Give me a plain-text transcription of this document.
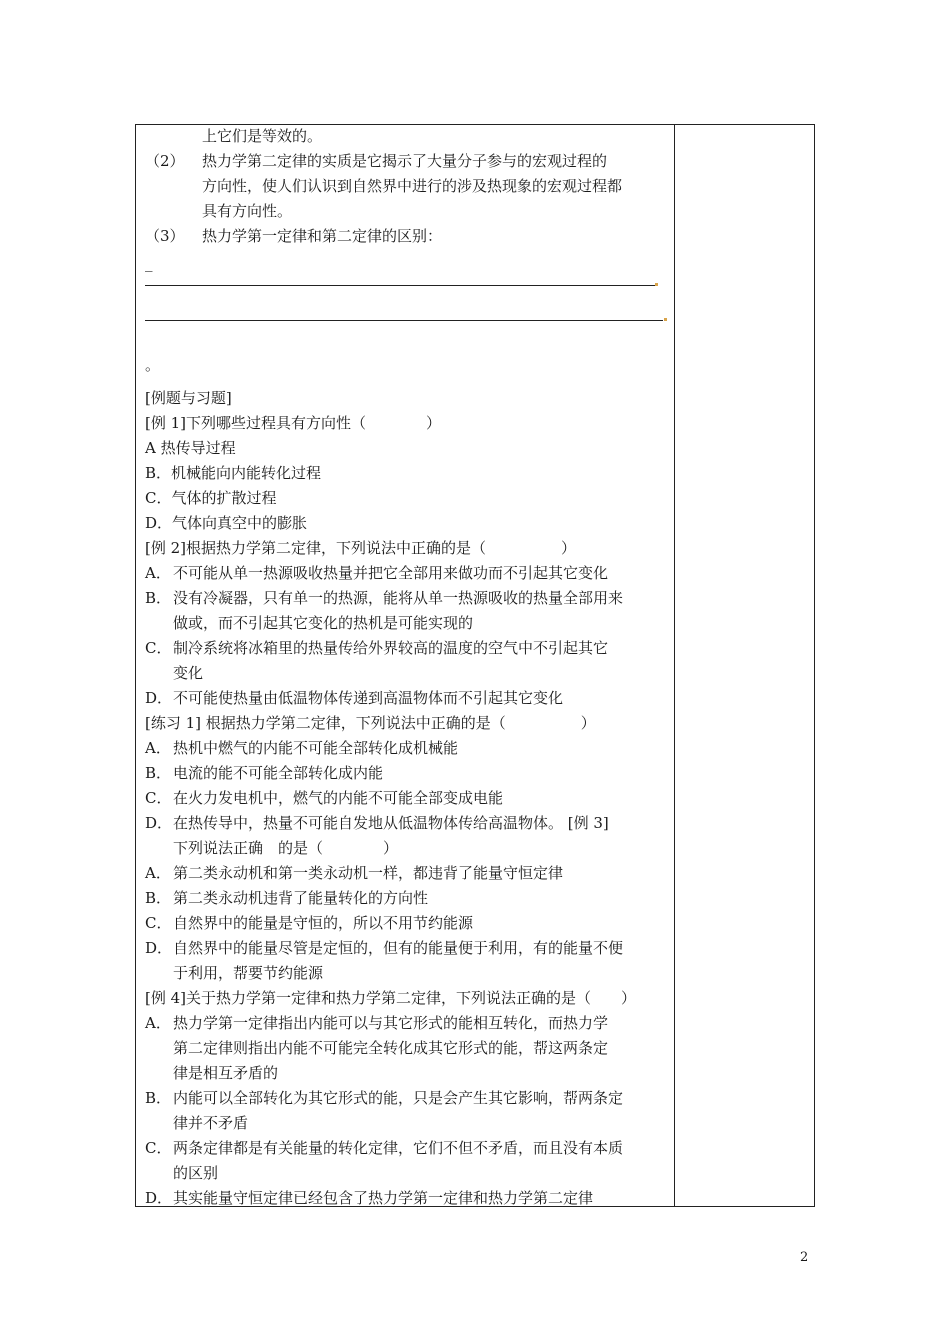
上它们是等效的。
（2） 热力学第二定律的实质是它揭示了大量分子参与的宏观过程的
方向性，使人们认识到自然界中进行的涉及热现象的宏观过程都
具有方向性。
（3） 热力学第一定律和第二定律的区别：
_
。
[例题与习题]
[例 1]下列哪些过程具有方向性（　　　　）
A 热传导过程
B．机械能向内能转化过程
C．气体的扩散过程
D．气体向真空中的膨胀
[例 2]根据热力学第二定律，下列说法中正确的是（　　　　　）
A． 不可能从单一热源吸收热量并把它全部用来做功而不引起其它变化
B． 没有冷凝器，只有单一的热源，能将从单一热源吸收的热量全部用来
做或，而不引起其它变化的热机是可能实现的
C． 制冷系统将冰箱里的热量传给外界较高的温度的空气中不引起其它
变化
D． 不可能使热量由低温物体传递到高温物体而不引起其它变化
[练习 1] 根据热力学第二定律，下列说法中正确的是（　　　　　）
A． 热机中燃气的内能不可能全部转化成机械能
B． 电流的能不可能全部转化成内能
C． 在火力发电机中，燃气的内能不可能全部变成电能
D． 在热传导中，热量不可能自发地从低温物体传给高温物体。 [例 3]
下列说法正确　的是（　　　　）
A． 第二类永动机和第一类永动机一样，都违背了能量守恒定律
B． 第二类永动机违背了能量转化的方向性
C． 自然界中的能量是守恒的，所以不用节约能源
D． 自然界中的能量尽管是定恒的，但有的能量便于利用，有的能量不便
于利用，帮要节约能源
[例 4]关于热力学第一定律和热力学第二定律，下列说法正确的是（　　）
A． 热力学第一定律指出内能可以与其它形式的能相互转化，而热力学
第二定律则指出内能不可能完全转化成其它形式的能，帮这两条定
律是相互矛盾的
B． 内能可以全部转化为其它形式的能，只是会产生其它影响，帮两条定
律并不矛盾
C． 两条定律都是有关能量的转化定律，它们不但不矛盾，而且没有本质
的区别
D． 其实能量守恒定律已经包含了热力学第一定律和热力学第二定律
2
